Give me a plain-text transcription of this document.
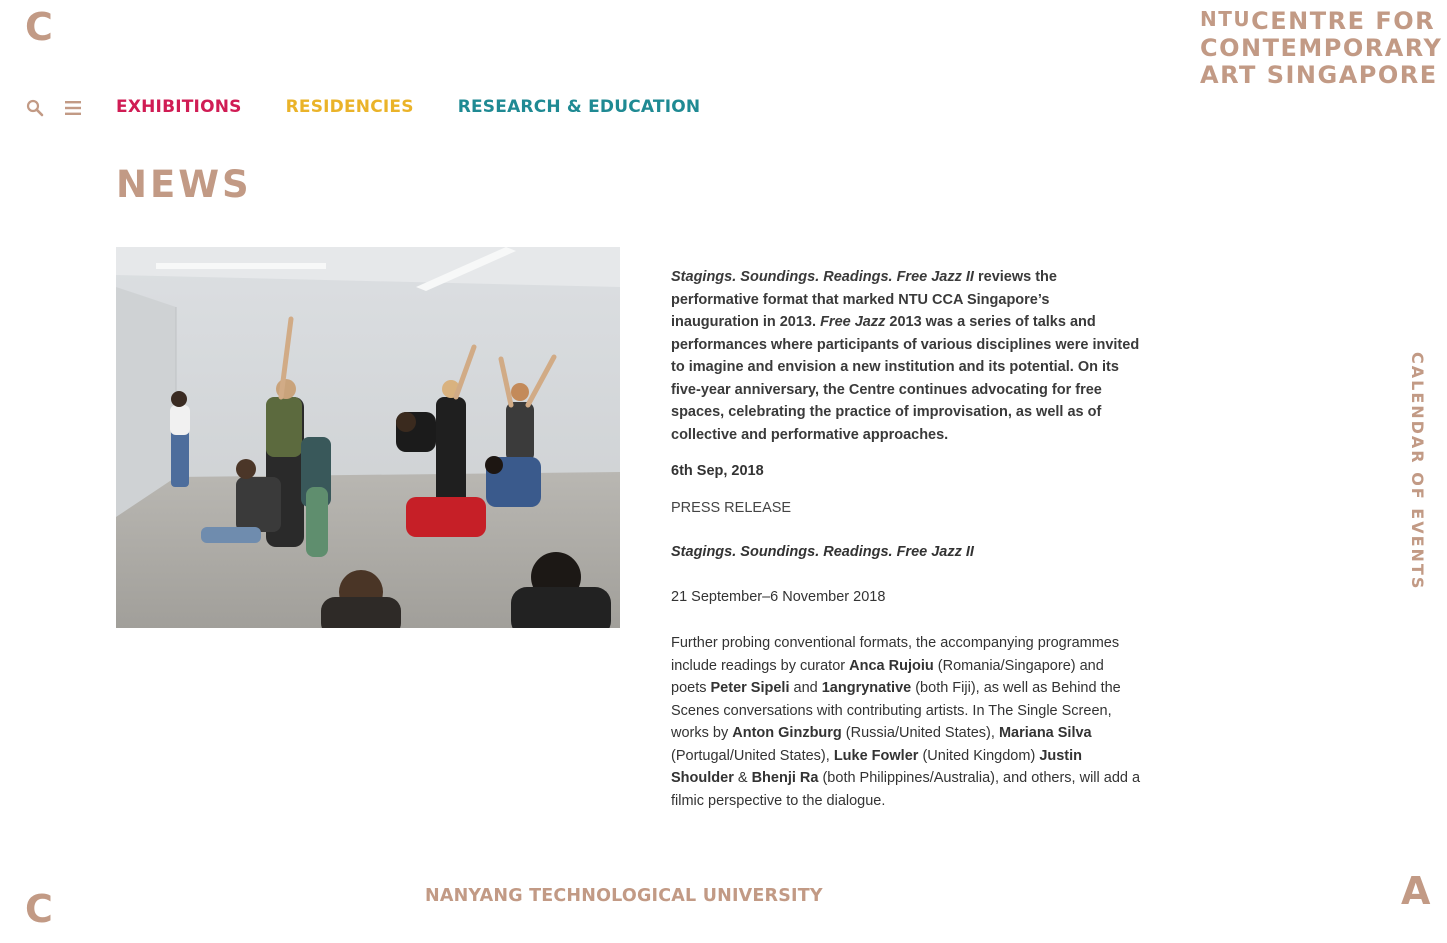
C	$^{NTU}$CENTRE FOR
CONTEMPORARY
ART SINGAPORE
EXHIBITIONS	RESIDENCIES	RESEARCH & EDUCATION
NEWS

Stagings. Soundings. Readings. Free Jazz II reviews the performative format that marked NTU CCA Singapore’s inauguration in 2013. Free Jazz 2013 was a series of talks and performances where participants of various disciplines were invited to imagine and envision a new institution and its potential. On its five-year anniversary, the Centre continues advocating for free spaces, celebrating the practice of improvisation, as well as of collective and performative approaches.

6th Sep, 2018

PRESS RELEASE

Stagings. Soundings. Readings. Free Jazz II

21 September–6 November 2018

Further probing conventional formats, the accompanying programmes include readings by curator Anca Rujoiu (Romania/Singapore) and poets Peter Sipeli and 1angrynative (both Fiji), as well as Behind the Scenes conversations with contributing artists. In The Single Screen, works by Anton Ginzburg (Russia/United States), Mariana Silva (Portugal/United States), Luke Fowler (United Kingdom) Justin Shoulder & Bhenji Ra (both Philippines/Australia), and others, will add a filmic perspective to the dialogue.

CALENDAR OF EVENTS
C	NANYANG TECHNOLOGICAL UNIVERSITY	A
